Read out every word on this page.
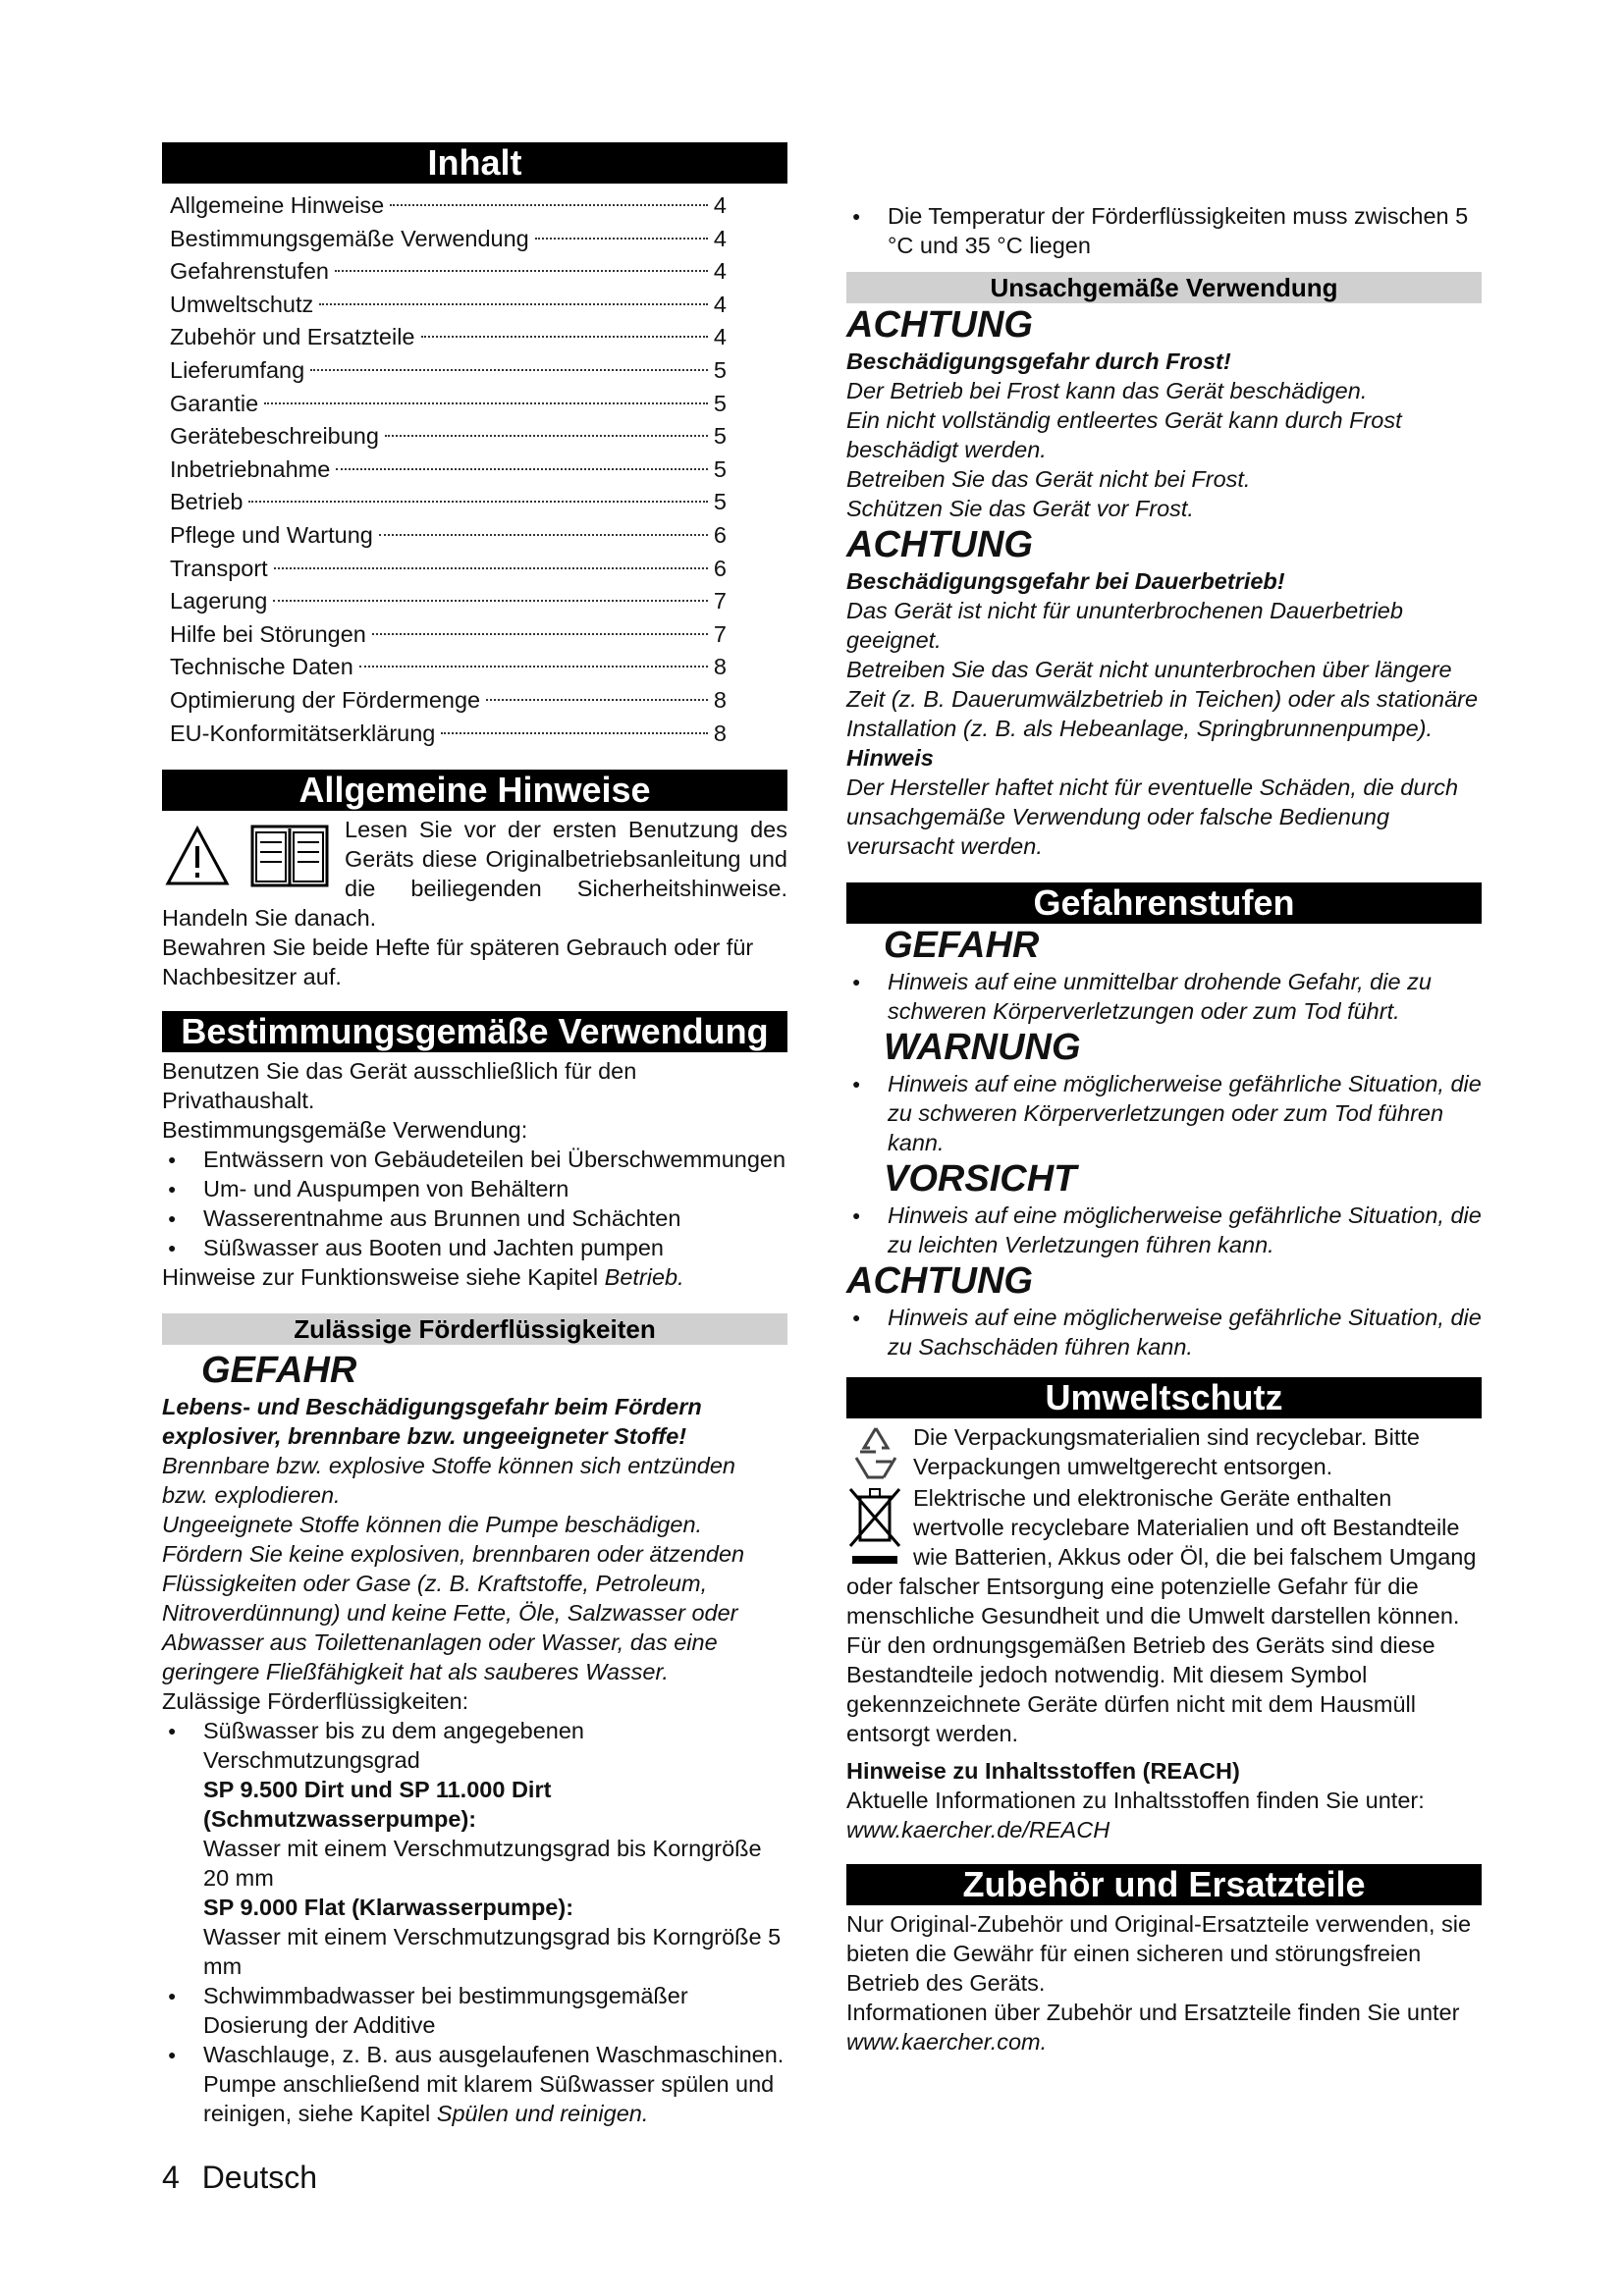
Inhalt
Allgemeine Hinweise	4
Bestimmungsgemäße Verwendung	4
Gefahrenstufen	4
Umweltschutz	4
Zubehör und Ersatzteile	4
Lieferumfang	5
Garantie	5
Gerätebeschreibung	5
Inbetriebnahme	5
Betrieb	5
Pflege und Wartung	6
Transport	6
Lagerung	7
Hilfe bei Störungen	7
Technische Daten	8
Optimierung der Fördermenge	8
EU-Konformitätserklärung	8
Allgemeine Hinweise

Lesen Sie vor der ersten Benutzung des Geräts diese Originalbetriebsanleitung und die beiliegenden Sicherheitshinweise. Handeln Sie danach.

Bewahren Sie beide Hefte für späteren Gebrauch oder für Nachbesitzer auf.

Bestimmungsgemäße Verwendung

Benutzen Sie das Gerät ausschließlich für den Privathaushalt.

Bestimmungsgemäße Verwendung:

● Entwässern von Gebäudeteilen bei Überschwemmungen
● Um- und Auspumpen von Behältern
● Wasserentnahme aus Brunnen und Schächten
● Süßwasser aus Booten und Jachten pumpen

Hinweise zur Funktionsweise siehe Kapitel Betrieb.

Zulässige Förderflüssigkeiten
GEFAHR

Lebens- und Beschädigungsgefahr beim Fördern explosiver, brennbare bzw. ungeeigneter Stoffe!

Brennbare bzw. explosive Stoffe können sich entzünden bzw. explodieren.

Ungeeignete Stoffe können die Pumpe beschädigen. Fördern Sie keine explosiven, brennbaren oder ätzenden Flüssigkeiten oder Gase (z. B. Kraftstoffe, Petroleum, Nitroverdünnung) und keine Fette, Öle, Salzwasser oder Abwasser aus Toilettenanlagen oder Wasser, das eine geringere Fließfähigkeit hat als sauberes Wasser.

Zulässige Förderflüssigkeiten:

● Süßwasser bis zu dem angegebenen Verschmutzungsgrad
SP 9.500 Dirt und SP 11.000 Dirt (Schmutzwasserpumpe):
Wasser mit einem Verschmutzungsgrad bis Korngröße 20 mm
SP 9.000 Flat (Klarwasserpumpe):
Wasser mit einem Verschmutzungsgrad bis Korngröße 5 mm
● Schwimmbadwasser bei bestimmungsgemäßer Dosierung der Additive
● Waschlauge, z. B. aus ausgelaufenen Waschmaschinen. Pumpe anschließend mit klarem Süßwasser spülen und reinigen, siehe Kapitel Spülen und reinigen.
● Die Temperatur der Förderflüssigkeiten muss zwischen 5 °C und 35 °C liegen
Unsachgemäße Verwendung
ACHTUNG

Beschädigungsgefahr durch Frost!

Der Betrieb bei Frost kann das Gerät beschädigen.

Ein nicht vollständig entleertes Gerät kann durch Frost beschädigt werden.

Betreiben Sie das Gerät nicht bei Frost.

Schützen Sie das Gerät vor Frost.

ACHTUNG

Beschädigungsgefahr bei Dauerbetrieb!

Das Gerät ist nicht für ununterbrochenen Dauerbetrieb geeignet.

Betreiben Sie das Gerät nicht ununterbrochen über längere Zeit (z. B. Dauerumwälzbetrieb in Teichen) oder als stationäre Installation (z. B. als Hebeanlage, Springbrunnenpumpe).

Hinweis

Der Hersteller haftet nicht für eventuelle Schäden, die durch unsachgemäße Verwendung oder falsche Bedienung verursacht werden.

Gefahrenstufen
GEFAHR
● Hinweis auf eine unmittelbar drohende Gefahr, die zu schweren Körperverletzungen oder zum Tod führt.
WARNUNG
● Hinweis auf eine möglicherweise gefährliche Situation, die zu schweren Körperverletzungen oder zum Tod führen kann.
VORSICHT
● Hinweis auf eine möglicherweise gefährliche Situation, die zu leichten Verletzungen führen kann.
ACHTUNG
● Hinweis auf eine möglicherweise gefährliche Situation, die zu Sachschäden führen kann.
Umweltschutz

Die Verpackungsmaterialien sind recyclebar. Bitte Verpackungen umweltgerecht entsorgen.

Elektrische und elektronische Geräte enthalten wertvolle recyclebare Materialien und oft Bestandteile wie Batterien, Akkus oder Öl, die bei falschem Umgang oder falscher Entsorgung eine potenzielle Gefahr für die menschliche Gesundheit und die Umwelt darstellen können. Für den ordnungsgemäßen Betrieb des Geräts sind diese Bestandteile jedoch notwendig. Mit diesem Symbol gekennzeichnete Geräte dürfen nicht mit dem Hausmüll entsorgt werden.

Hinweise zu Inhaltsstoffen (REACH)

Aktuelle Informationen zu Inhaltsstoffen finden Sie unter: www.kaercher.de/REACH

Zubehör und Ersatzteile

Nur Original-Zubehör und Original-Ersatzteile verwenden, sie bieten die Gewähr für einen sicheren und störungsfreien Betrieb des Geräts.

Informationen über Zubehör und Ersatzteile finden Sie unter www.kaercher.com.

4 Deutsch
